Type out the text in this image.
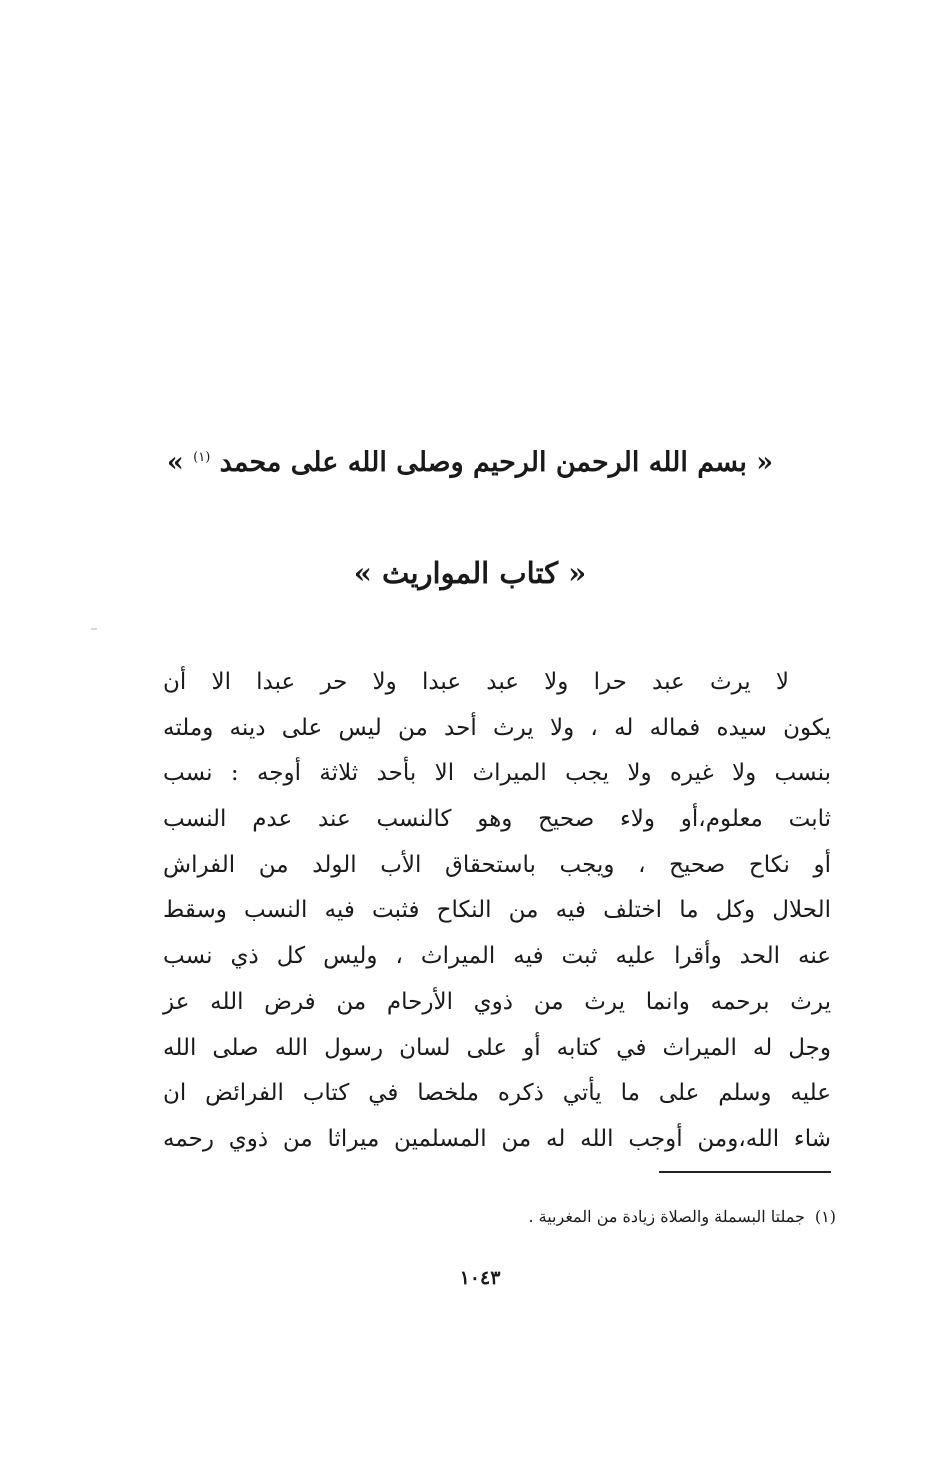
« بسم الله الرحمن الرحيم وصلى الله على محمد $^{(١)}$ »
« كتاب المواريث »
لا يرث عبد حرا ولا عبد عبدا ولا حر عبدا الا أن
يكون سيده فماله له ، ولا يرث أحد من ليس على دينه وملته
بنسب ولا غيره ولا يجب الميراث الا بأحد ثلاثة أوجه : نسب
ثابت معلوم،أو ولاء صحيح وهو كالنسب عند عدم النسب
أو نكاح صحيح ، ويجب باستحقاق الأب الولد من الفراش
الحلال وكل ما اختلف فيه من النكاح فثبت فيه النسب وسقط
عنه الحد وأقرا عليه ثبت فيه الميراث ، وليس كل ذي نسب
يرث برحمه وانما يرث من ذوي الأرحام من فرض الله عز
وجل له الميراث في كتابه أو على لسان رسول الله صلى الله
عليه وسلم على ما يأتي ذكره ملخصا في كتاب الفرائض ان
شاء الله،ومن أوجب الله له من المسلمين ميراثا من ذوي رحمه
(١)جملتا البسملة والصلاة زيادة من المغربية .
١٠٤٣
